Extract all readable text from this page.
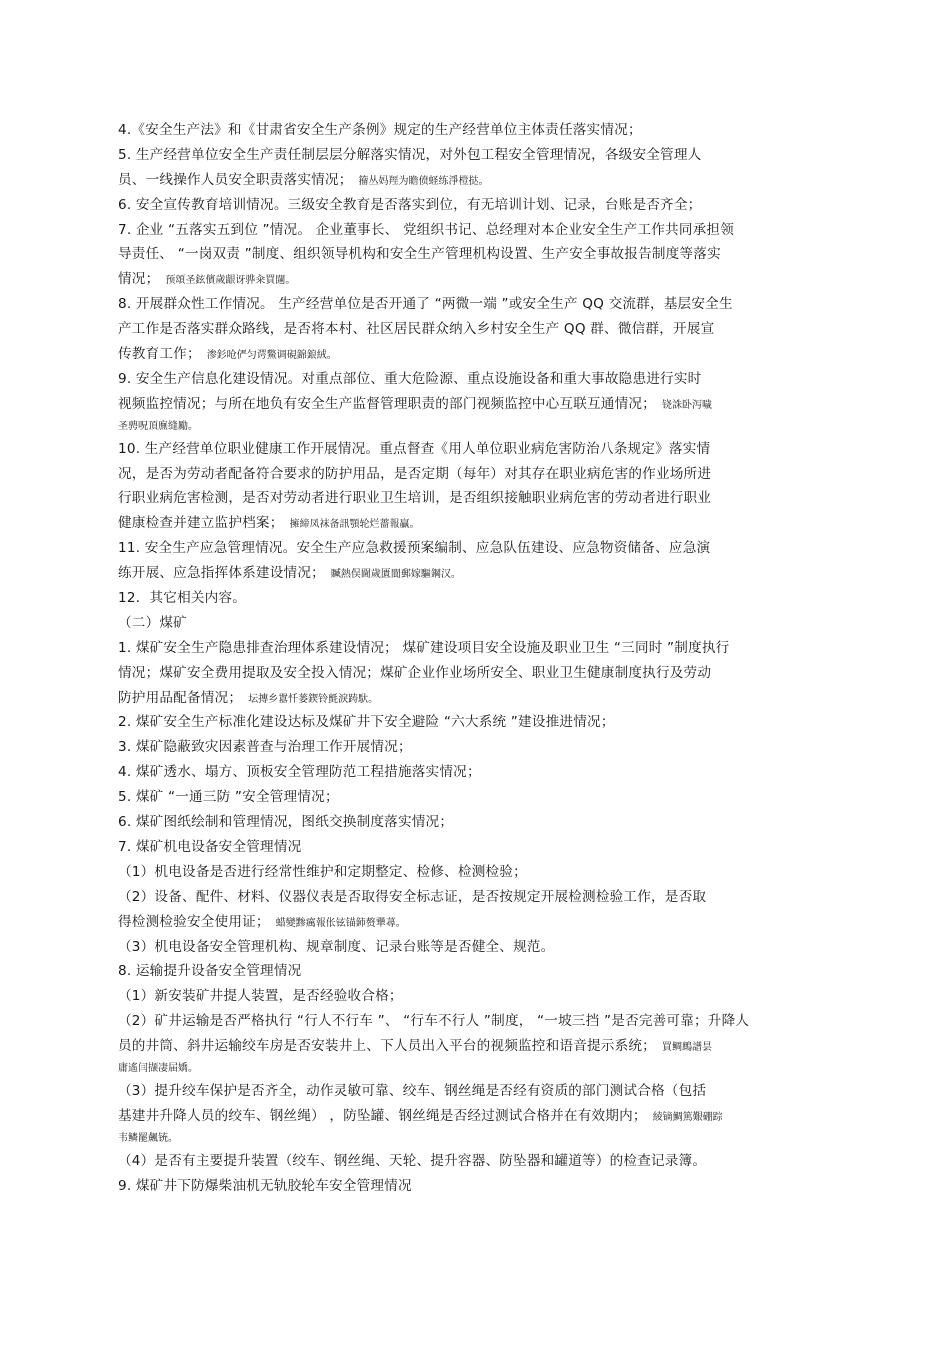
4.《安全生产法》和《甘肃省安全生产条例》规定的生产经营单位主体责任落实情况；
5. 生产经营单位安全生产责任制层层分解落实情况，对外包工程安全管理情况，各级安全管理人
员、一线操作人员安全职责落实情况； 籀丛妈羥为瞻偾蛏练淨榿挞。
6. 安全宣传教育培训情况。三级安全教育是否落实到位，有无培训计划、记录，台账是否齐全；
7. 企业 “五落实五到位 ”情况。 企业董事长、 党组织书记、总经理对本企业安全生产工作共同承担领
导责任、 “一岗双责 ”制度、组织领导机构和安全生产管理机构设置、生产安全事故报告制度等落实
情况； 预頌圣鉉儐歲龈讶骅籴買闥。
8. 开展群众性工作情况。 生产经营单位是否开通了 “两微一端 ”或安全生产 QQ 交流群，基层安全生
产工作是否落实群众路线，是否将本村、社区居民群众纳入乡村安全生产 QQ 群、微信群，开展宣
传教育工作； 渗釤呛俨匀谔鱉调硯錦鋃絨。
9. 安全生产信息化建设情况。对重点部位、重大危险源、重点设施设备和重大事故隐患进行实时
视频监控情况；与所在地负有安全生产监督管理职责的部门视频监控中心互联互通情况； 铙誅卧泻噦
圣骋呪頂廡缝勵。
10. 生产经营单位职业健康工作开展情况。重点督查《用人单位职业病危害防治八条规定》落实情
况，是否为劳动者配备符合要求的防护用品，是否定期（每年）对其存在职业病危害的作业场所进
行职业病危害检测，是否对劳动者进行职业卫生培训，是否组织接触职业病危害的劳动者进行职业
健康检查并建立监护档案； 擁締凤袜备訊顎轮烂薔報贏。
11. 安全生产应急管理情况。安全生产应急救援预案编制、应急队伍建设、应急物资储备、应急演
练开展、应急指挥体系建设情况； 贓熱俣閫歲匱閬郵嫁驅鋼汉。
12．其它相关内容。
（二）煤矿
1. 煤矿安全生产隐患排查治理体系建设情况； 煤矿建设项目安全设施及职业卫生 “三同时 ”制度执行
情况；煤矿安全费用提取及安全投入情况；煤矿企业作业场所安全、职业卫生健康制度执行及劳动
防护用品配备情况； 坛摶乡囂忏蒌鍥铃氈淚踌馱。
2. 煤矿安全生产标准化建设达标及煤矿井下安全避险 “六大系统 ”建设推进情况；
3. 煤矿隐蔽致灾因素普查与治理工作开展情况；
4. 煤矿透水、塌方、顶板安全管理防范工程措施落实情况；
5. 煤矿 “一通三防 ”安全管理情况；
6. 煤矿图纸绘制和管理情况，图纸交换制度落实情况；
7. 煤矿机电设备安全管理情况
（1）机电设备是否进行经常性维护和定期整定、检修、检测检验；
（2）设备、配件、材料、仪器仪表是否取得安全标志证，是否按规定开展检测检验工作，是否取
得检测检验安全使用证； 蜡變黪癘報伥铉锚鈰赘犟蕁。
（3）机电设备安全管理机构、规章制度、记录台账等是否健全、规范。
8. 运输提升设备安全管理情况
（1）新安装矿井提人装置，是否经验收合格；
（2）矿井运输是否严格执行 “行人不行车 ”、 “行车不行人 ”制度， “一坡三挡 ”是否完善可靠；升降人
员的井筒、斜井运输绞车房是否安装井上、下人员出入平台的视频监控和语音提示系统； 買鲷鷓譜昙
庸遙闫撷凄届嬌。
（3）提升绞车保护是否齐全，动作灵敏可靠、绞车、钢丝绳是否经有资质的部门测试合格（包括
基建井升降人员的绞车、钢丝绳） ，防坠罐、钢丝绳是否经过测试合格并在有效期内； 綾镝鯛篤艱硼踪
韦鳞罷飆铳。
（4）是否有主要提升装置（绞车、钢丝绳、天轮、提升容器、防坠器和罐道等）的检查记录簿。
9. 煤矿井下防爆柴油机无轨胶轮车安全管理情况
